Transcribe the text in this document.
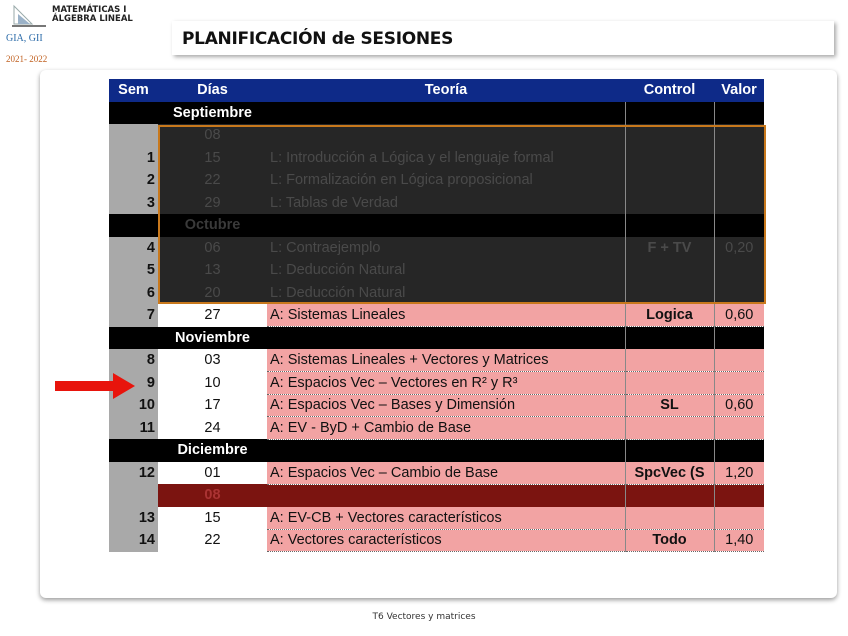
MATEMÁTICAS I
ÁLGEBRA LINEAL
GIA, GII
2021- 2022
PLANIFICACIÓN de SESIONES
Sem	Días	Teoría	Control	Valor
	Septiembre			
	08			
1	15	L: Introducción a Lógica y el lenguaje formal		
2	22	L: Formalización en Lógica proposicional		
3	29	L: Tablas de Verdad		
	Octubre			
4	06	L: Contraejemplo	F + TV	0,20
5	13	L: Deducción Natural		
6	20	L: Deducción Natural		
7	27	A: Sistemas Lineales	Logica	0,60
	Noviembre			
8	03	A: Sistemas Lineales + Vectores y Matrices		
9	10	A: Espacios Vec – Vectores en R² y R³		
10	17	A: Espacios Vec – Bases y Dimensión	SL	0,60
11	24	A: EV - ByD + Cambio de Base		
	Diciembre			
12	01	A: Espacios Vec – Cambio de Base	SpcVec (S	1,20
	08			
13	15	A: EV-CB + Vectores característicos		
14	22	A: Vectores característicos	Todo	1,40
T6 Vectores y matrices
